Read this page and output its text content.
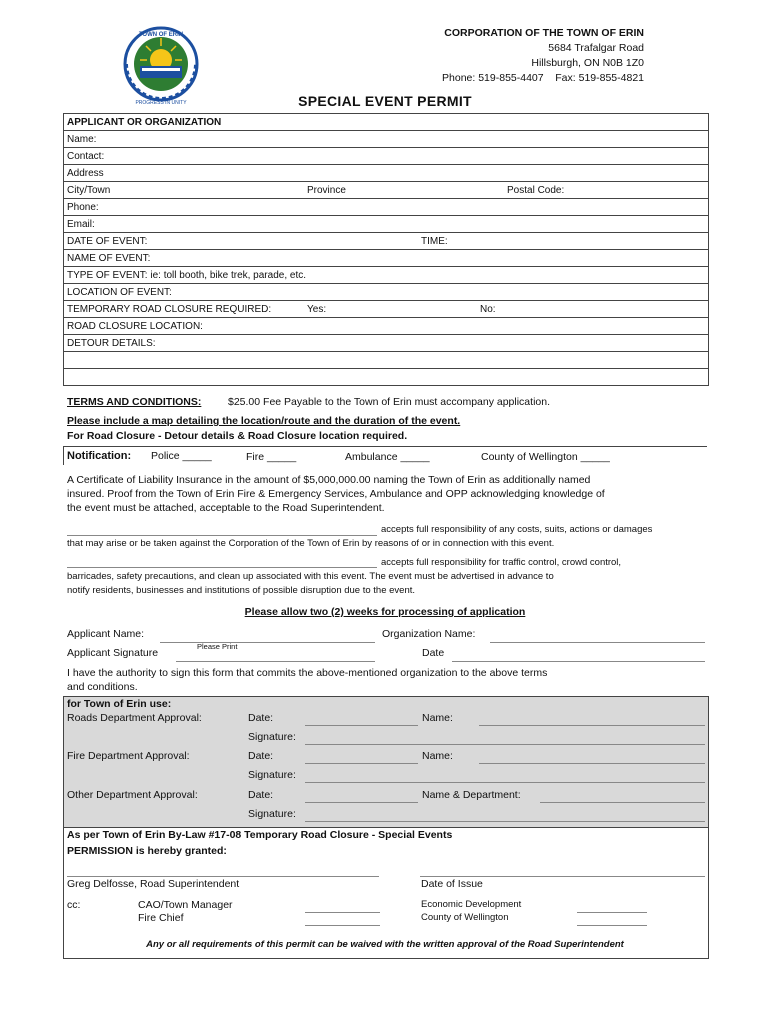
TOWN OF ERIN
PROGRESS IN UNITY
CORPORATION OF THE TOWN OF ERIN
5684 Trafalgar Road
Hillsburgh, ON N0B 1Z0
Phone: 519-855-4407    Fax: 519-855-4821
SPECIAL EVENT PERMIT
APPLICANT OR ORGANIZATION
Name:
Contact:
Address
City/Town	Province	Postal Code:

Phone:
Email:
DATE OF EVENT:	TIME:

NAME OF EVENT:
TYPE OF EVENT: ie: toll booth, bike trek, parade, etc.
LOCATION OF EVENT:
TEMPORARY ROAD CLOSURE REQUIRED:	Yes:	No:

ROAD CLOSURE LOCATION:
DETOUR DETAILS:

TERMS AND CONDITIONS:	$25.00 Fee Payable to the Town of Erin must accompany application.
Please include a map detailing the location/route and the duration of the event.
For Road Closure - Detour details & Road Closure location required.
Notification: Police _____	Fire _____	Ambulance _____	County of Wellington _____
A Certificate of Liability Insurance in the amount of $5,000,000.00 naming the Town of Erin as additionally named
insured. Proof from the Town of Erin Fire & Emergency Services, Ambulance and OPP acknowledging knowledge of
the event must be attached, acceptable to the Road Superintendent.
accepts full responsibility of any costs, suits, actions or damages
that may arise or be taken against the Corporation of the Town of Erin by reasons of or in connection with this event.
accepts full responsibility for traffic control, crowd control,
barricades, safety precautions, and clean up associated with this event. The event must be advertised in advance to
notify residents, businesses and institutions of possible disruption due to the event.
Please allow two (2) weeks for processing of application
Applicant Name:	Organization Name:
Please Print
Applicant Signature	Date
I have the authority to sign this form that commits the above-mentioned organization to the above terms
and conditions.
for Town of Erin use:
Roads Department Approval:	Date:	Name:
Signature:
Fire Department Approval:	Date:	Name:
Signature:
Other Department Approval:	Date:	Name & Department:
Signature:
As per Town of Erin By-Law #17-08 Temporary Road Closure - Special Events
PERMISSION is hereby granted:
Greg Delfosse, Road Superintendent	Date of Issue
cc:	CAO/Town Manager
Fire Chief
Economic Development
County of Wellington
Any or all requirements of this permit can be waived with the written approval of the Road Superintendent
